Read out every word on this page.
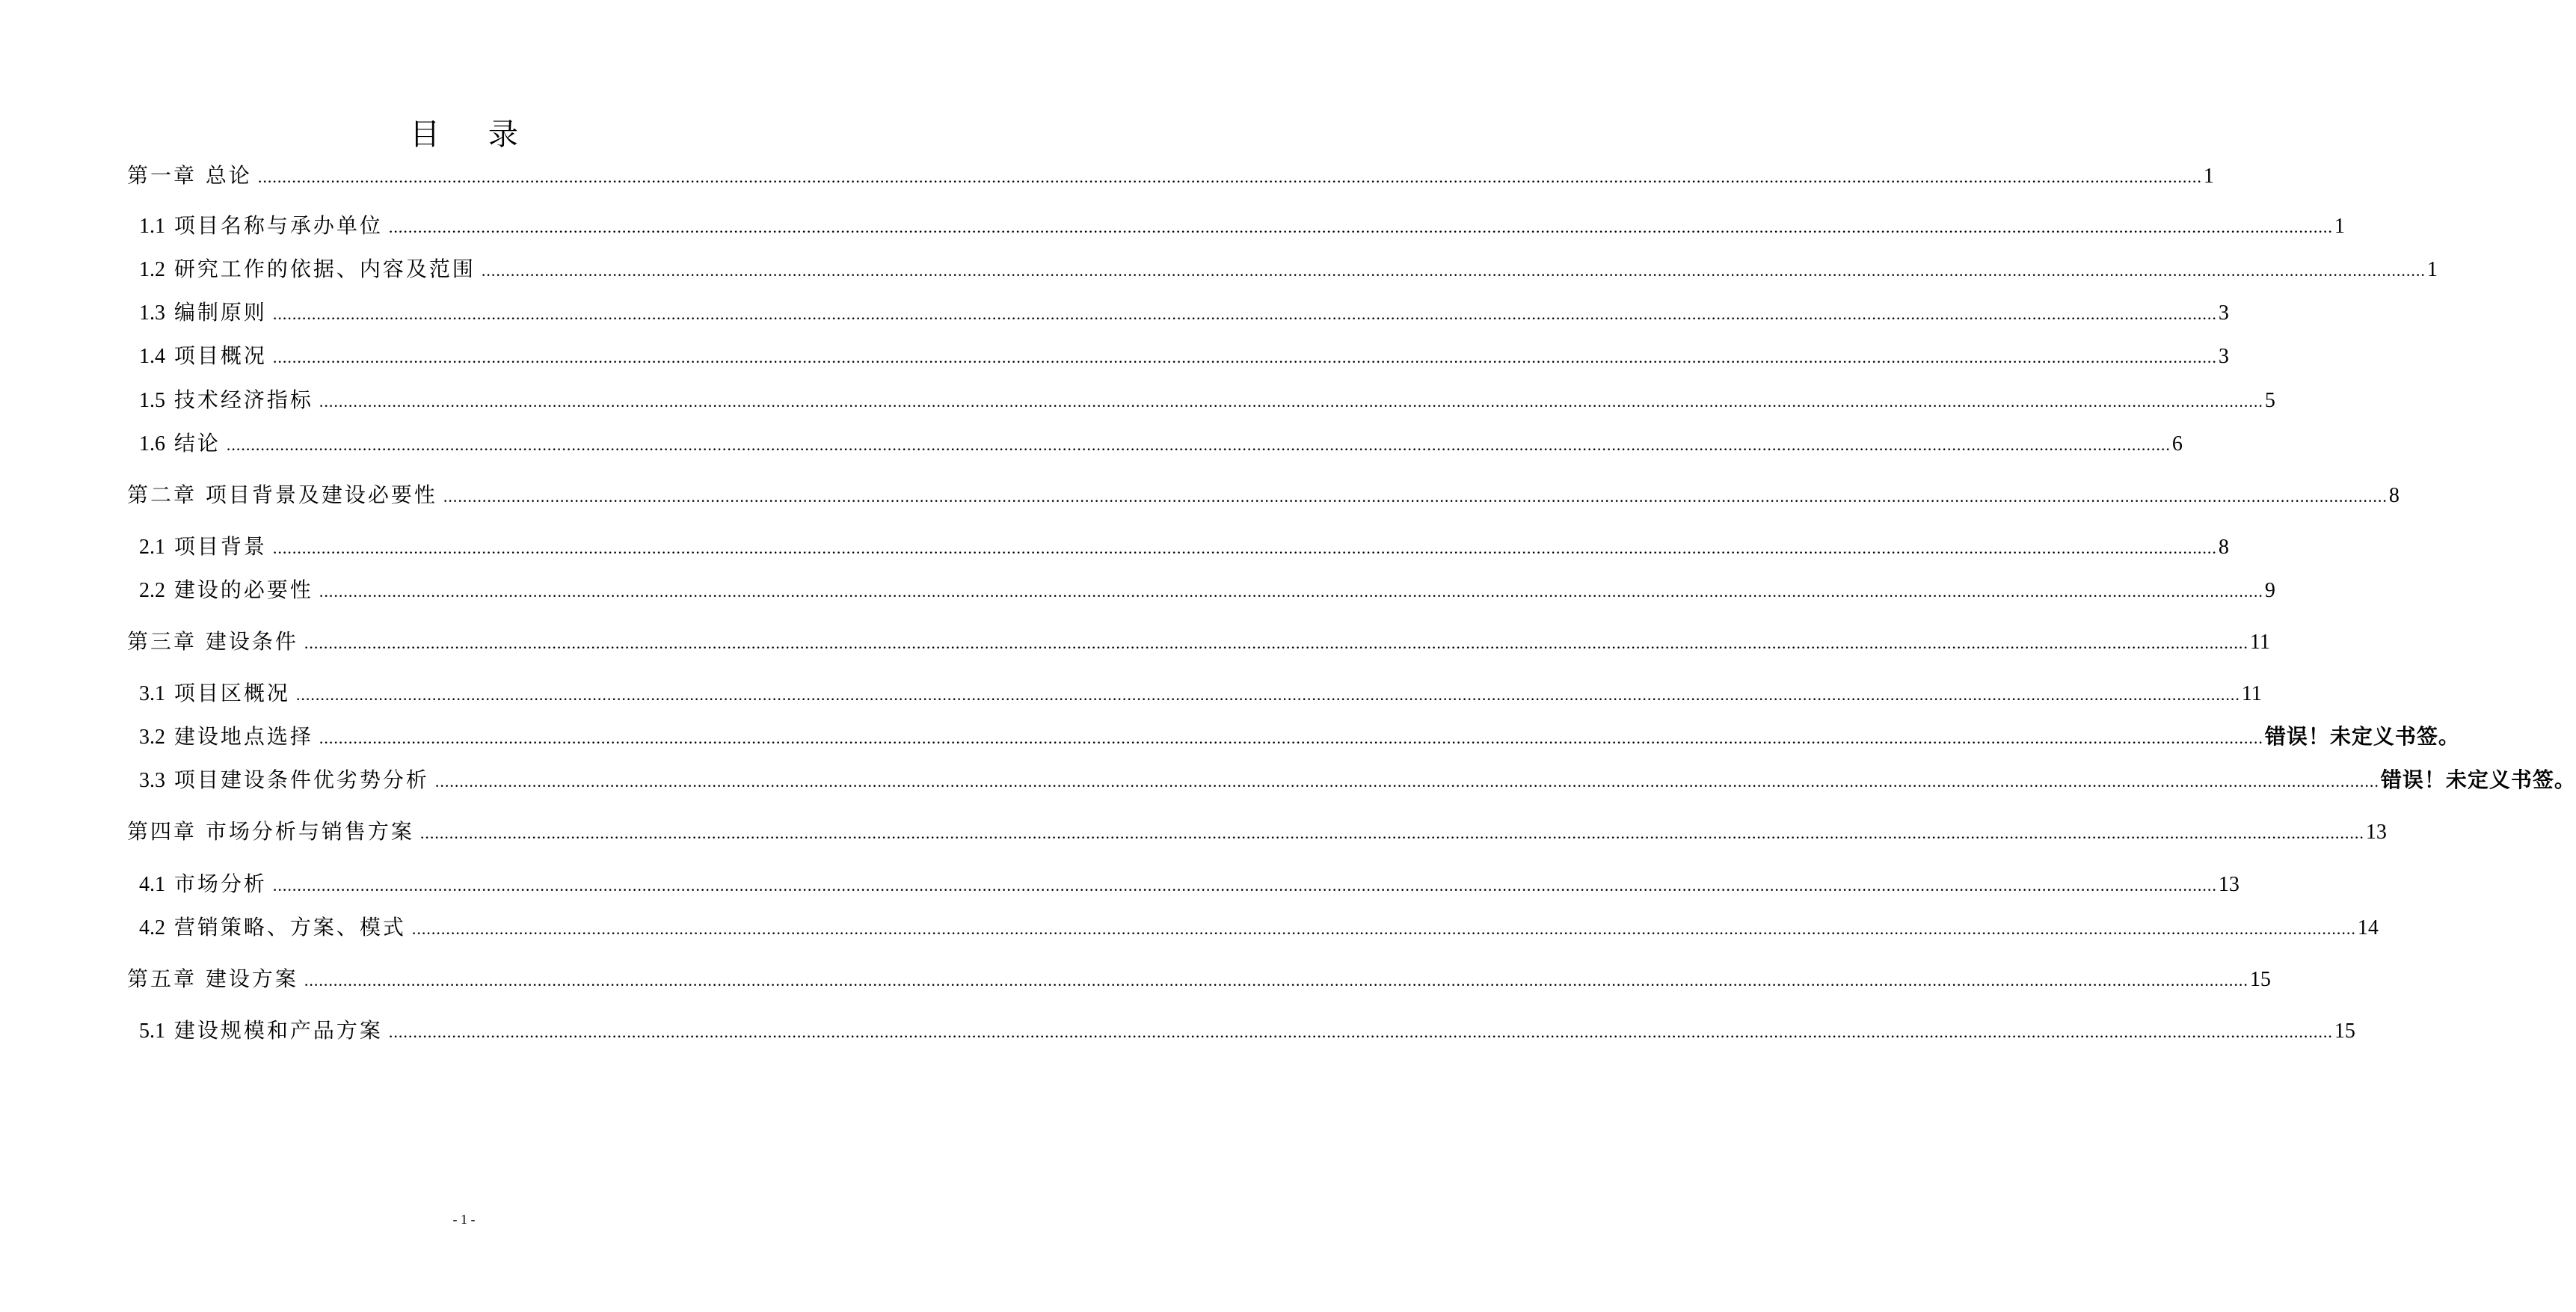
目 录
第一章 总论 ................................................................................................................................................................................................................................................................................................................................................................................................................ 1
1.1 项目名称与承办单位 ................................................................................................................................................................................................................................................................................................................................................................................................................ 1
1.2 研究工作的依据、内容及范围 ................................................................................................................................................................................................................................................................................................................................................................................................................ 1
1.3 编制原则 ................................................................................................................................................................................................................................................................................................................................................................................................................ 3
1.4 项目概况 ................................................................................................................................................................................................................................................................................................................................................................................................................ 3
1.5 技术经济指标 ................................................................................................................................................................................................................................................................................................................................................................................................................ 5
1.6 结论 ................................................................................................................................................................................................................................................................................................................................................................................................................ 6
第二章 项目背景及建设必要性 ................................................................................................................................................................................................................................................................................................................................................................................................................ 8
2.1 项目背景 ................................................................................................................................................................................................................................................................................................................................................................................................................ 8
2.2 建设的必要性 ................................................................................................................................................................................................................................................................................................................................................................................................................ 9
第三章 建设条件 ................................................................................................................................................................................................................................................................................................................................................................................................................ 11
3.1 项目区概况 ................................................................................................................................................................................................................................................................................................................................................................................................................ 11
3.2 建设地点选择 ................................................................................................................................................................................................................................................................................................................................................................................................................ 错误！未定义书签。
3.3 项目建设条件优劣势分析 ................................................................................................................................................................................................................................................................................................................................................................................................................ 错误！未定义书签。
第四章 市场分析与销售方案 ................................................................................................................................................................................................................................................................................................................................................................................................................ 13
4.1 市场分析 ................................................................................................................................................................................................................................................................................................................................................................................................................ 13
4.2 营销策略、方案、模式 ................................................................................................................................................................................................................................................................................................................................................................................................................ 14
第五章 建设方案 ................................................................................................................................................................................................................................................................................................................................................................................................................ 15
5.1 建设规模和产品方案 ................................................................................................................................................................................................................................................................................................................................................................................................................ 15
- 1 -
